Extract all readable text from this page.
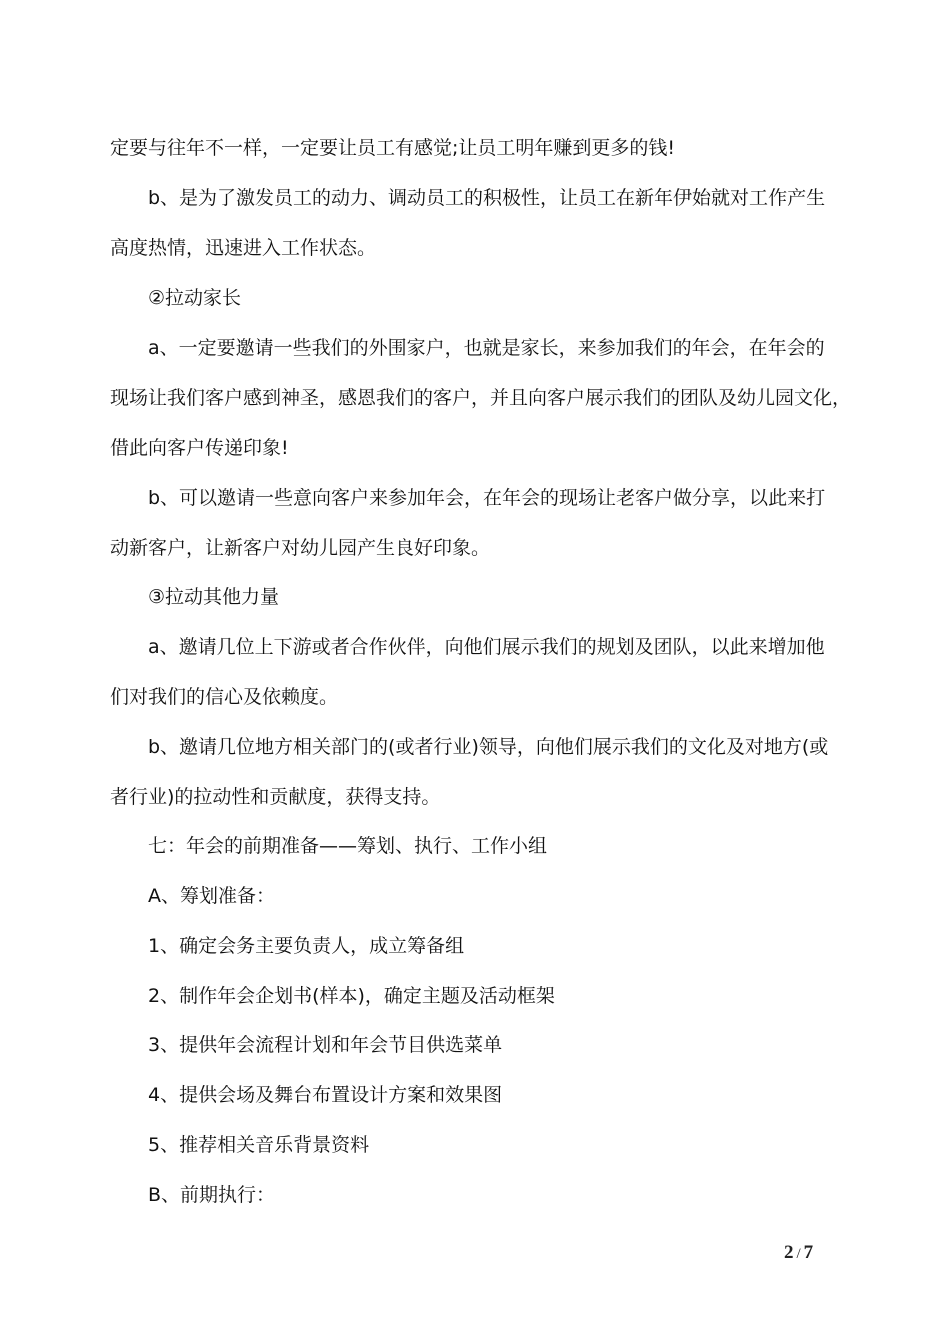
定要与往年不一样，一定要让员工有感觉;让员工明年赚到更多的钱!
b、是为了激发员工的动力、调动员工的积极性，让员工在新年伊始就对工作产生
高度热情，迅速进入工作状态。
②拉动家长
a、一定要邀请一些我们的外围家户，也就是家长，来参加我们的年会，在年会的
现场让我们客户感到神圣，感恩我们的客户，并且向客户展示我们的团队及幼儿园文化，
借此向客户传递印象!
b、可以邀请一些意向客户来参加年会，在年会的现场让老客户做分享，以此来打
动新客户，让新客户对幼儿园产生良好印象。
③拉动其他力量
a、邀请几位上下游或者合作伙伴，向他们展示我们的规划及团队，以此来增加他
们对我们的信心及依赖度。
b、邀请几位地方相关部门的(或者行业)领导，向他们展示我们的文化及对地方(或
者行业)的拉动性和贡献度，获得支持。
七：年会的前期准备——筹划、执行、工作小组
A、筹划准备：
1、确定会务主要负责人，成立筹备组
2、制作年会企划书(样本)，确定主题及活动框架
3、提供年会流程计划和年会节目供选菜单
4、提供会场及舞台布置设计方案和效果图
5、推荐相关音乐背景资料
B、前期执行：
2 / 7
